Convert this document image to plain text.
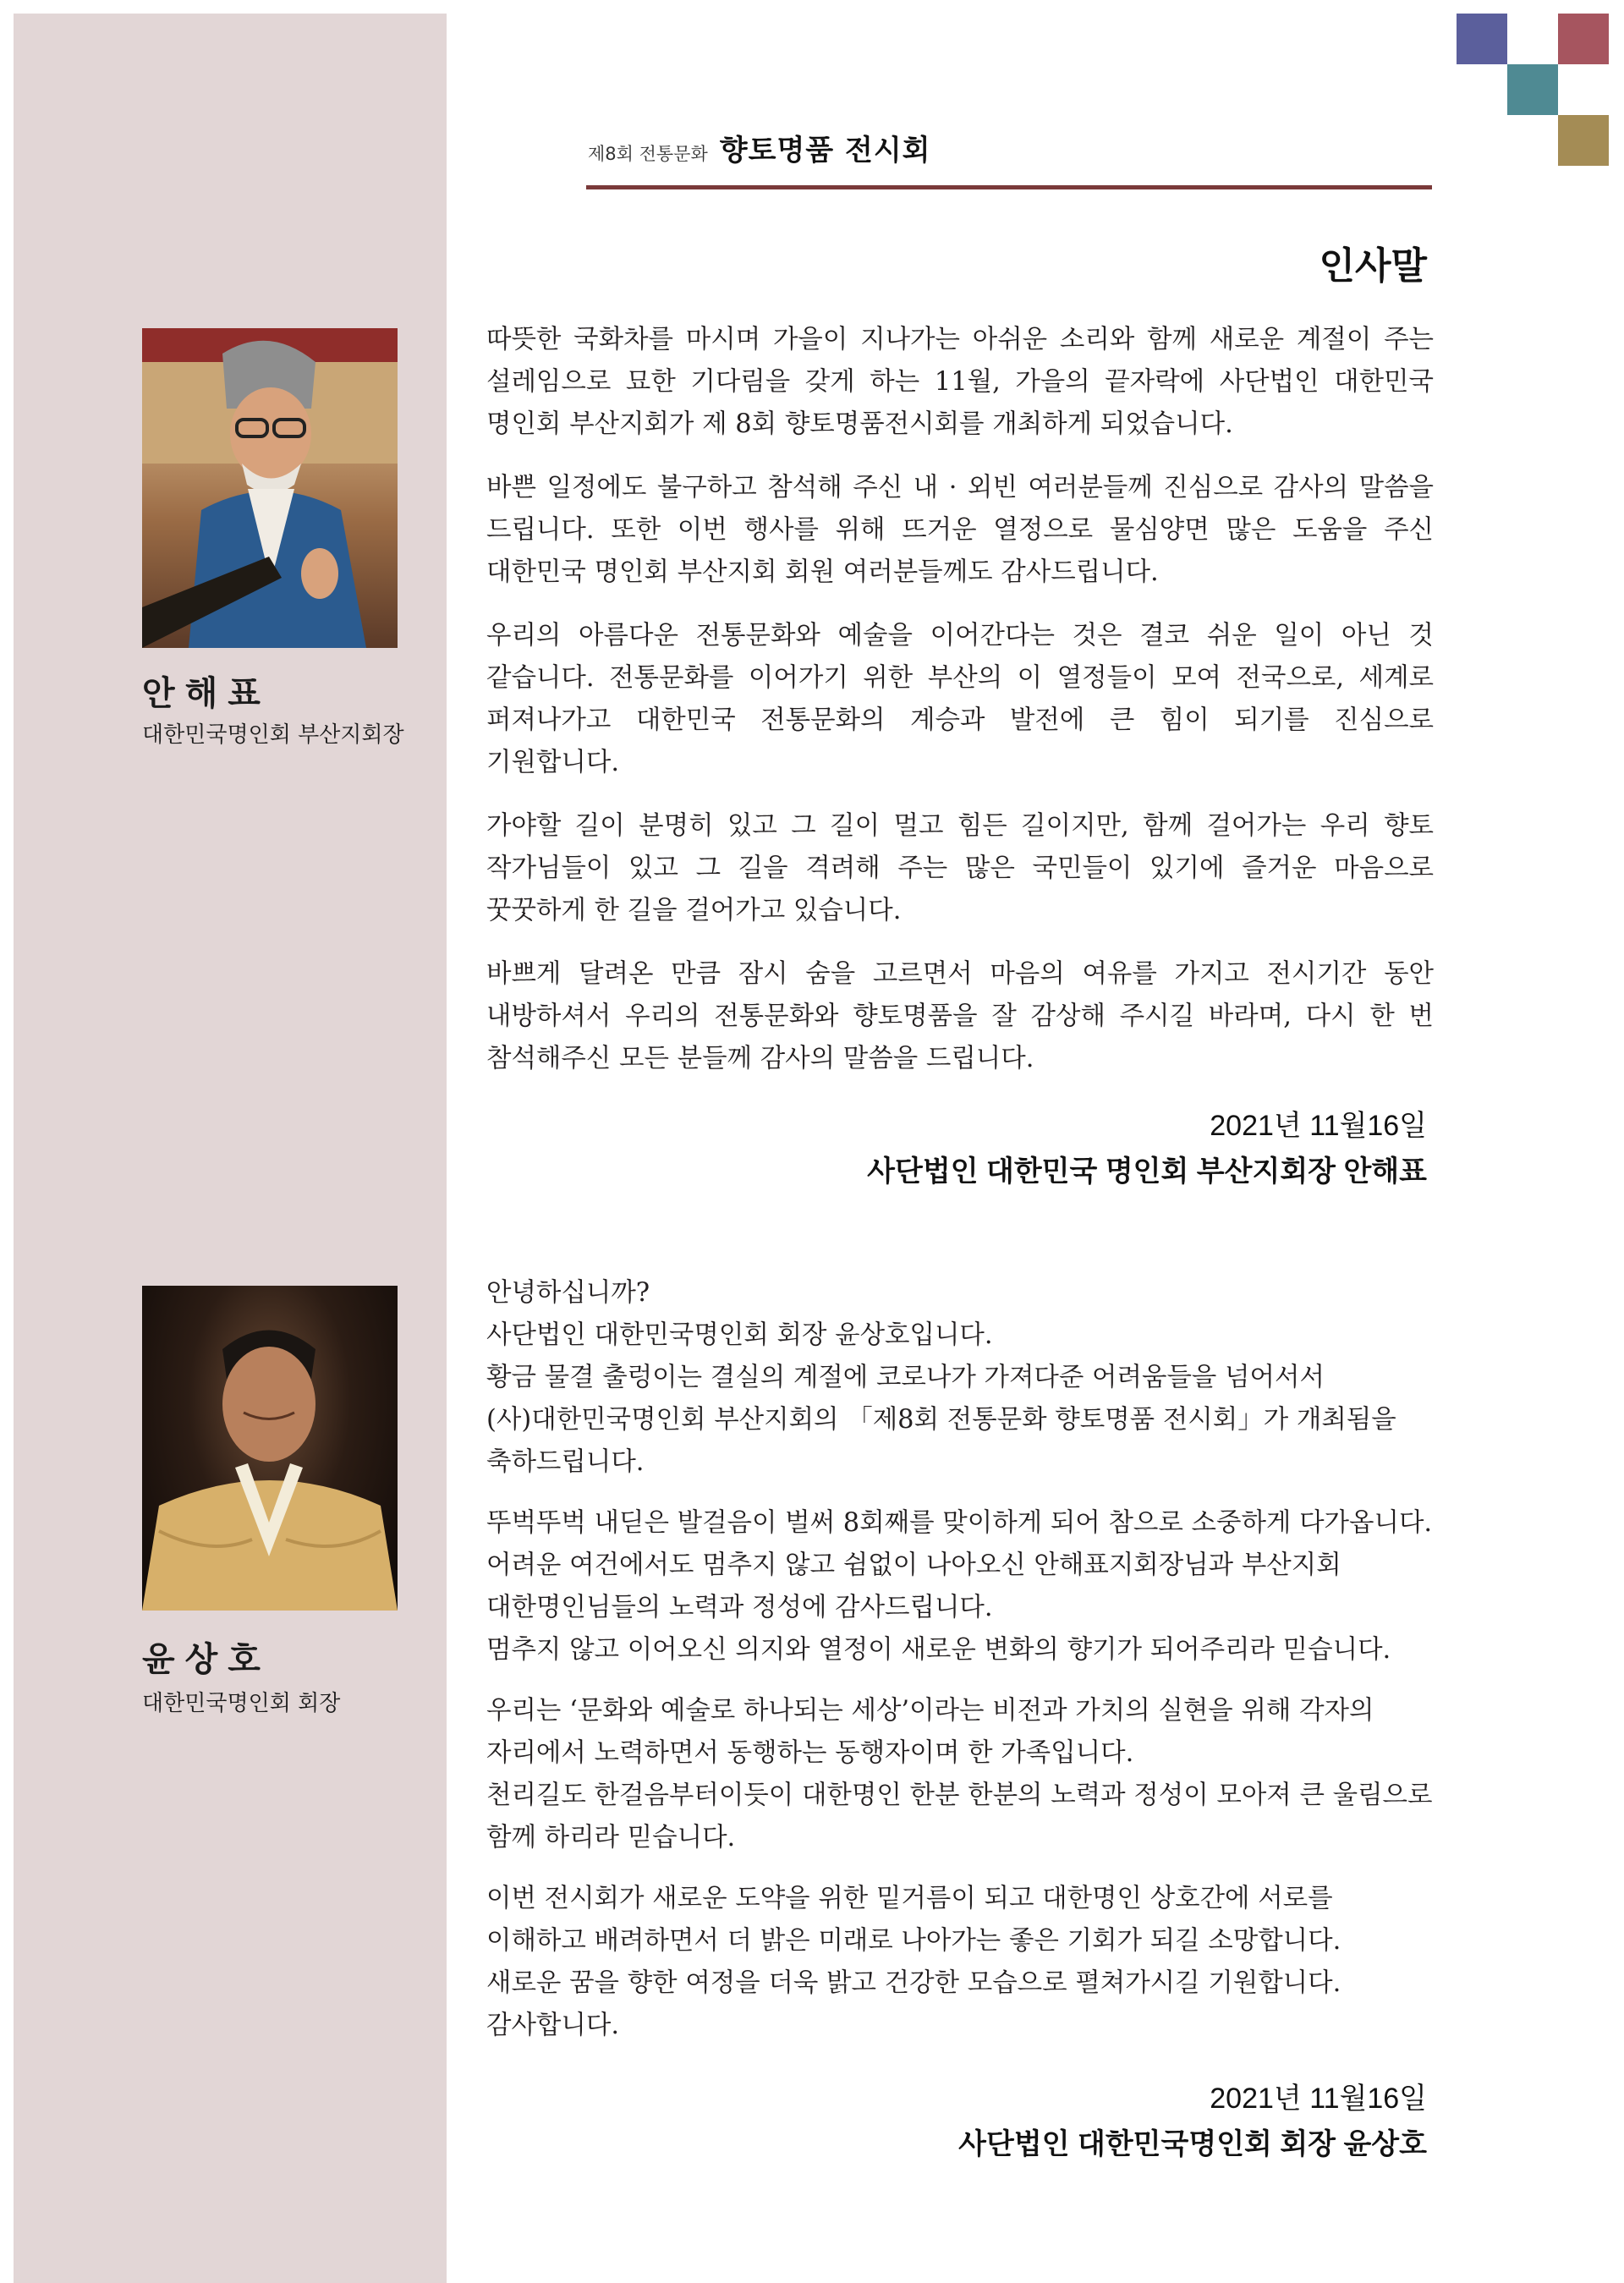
제8회 전통문화 향토명품 전시회
인사말
안해표
대한민국명인회 부산지회장

따뜻한 국화차를 마시며 가을이 지나가는 아쉬운 소리와 함께 새로운 계절이 주는
설레임으로 묘한 기다림을 갖게 하는 11월, 가을의 끝자락에 사단법인 대한민국
명인회 부산지회가 제 8회 향토명품전시회를 개최하게 되었습니다.

바쁜 일정에도 불구하고 참석해 주신 내 · 외빈 여러분들께 진심으로 감사의 말씀을
드립니다. 또한 이번 행사를 위해 뜨거운 열정으로 물심양면 많은 도움을 주신
대한민국 명인회 부산지회 회원 여러분들께도 감사드립니다.

우리의 아름다운 전통문화와 예술을 이어간다는 것은 결코 쉬운 일이 아닌 것
같습니다. 전통문화를 이어가기 위한 부산의 이 열정들이 모여 전국으로, 세계로
퍼져나가고 대한민국 전통문화의 계승과 발전에 큰 힘이 되기를 진심으로
기원합니다.

가야할 길이 분명히 있고 그 길이 멀고 힘든 길이지만, 함께 걸어가는 우리 향토
작가님들이 있고 그 길을 격려해 주는 많은 국민들이 있기에 즐거운 마음으로
꿋꿋하게 한 길을 걸어가고 있습니다.

바쁘게 달려온 만큼 잠시 숨을 고르면서 마음의 여유를 가지고 전시기간 동안
내방하셔서 우리의 전통문화와 향토명품을 잘 감상해 주시길 바라며, 다시 한 번
참석해주신 모든 분들께 감사의 말씀을 드립니다.

2021년 11월16일
사단법인 대한민국 명인회 부산지회장 안해표
윤상호
대한민국명인회 회장

안녕하십니까?
사단법인 대한민국명인회 회장 윤상호입니다.
황금 물결 출렁이는 결실의 계절에 코로나가 가져다준 어려움들을 넘어서서
(사)대한민국명인회 부산지회의 「제8회 전통문화 향토명품 전시회」가 개최됨을
축하드립니다.

뚜벅뚜벅 내딛은 발걸음이 벌써 8회째를 맞이하게 되어 참으로 소중하게 다가옵니다.
어려운 여건에서도 멈추지 않고 쉼없이 나아오신 안해표지회장님과 부산지회
대한명인님들의 노력과 정성에 감사드립니다.
멈추지 않고 이어오신 의지와 열정이 새로운 변화의 향기가 되어주리라 믿습니다.

우리는 ‘문화와 예술로 하나되는 세상’이라는 비전과 가치의 실현을 위해 각자의
자리에서 노력하면서 동행하는 동행자이며 한 가족입니다.
천리길도 한걸음부터이듯이 대한명인 한분 한분의 노력과 정성이 모아져 큰 울림으로
함께 하리라 믿습니다.

이번 전시회가 새로운 도약을 위한 밑거름이 되고 대한명인 상호간에 서로를
이해하고 배려하면서 더 밝은 미래로 나아가는 좋은 기회가 되길 소망합니다.
새로운 꿈을 향한 여정을 더욱 밝고 건강한 모습으로 펼쳐가시길 기원합니다.
감사합니다.

2021년 11월16일
사단법인 대한민국명인회 회장 윤상호
